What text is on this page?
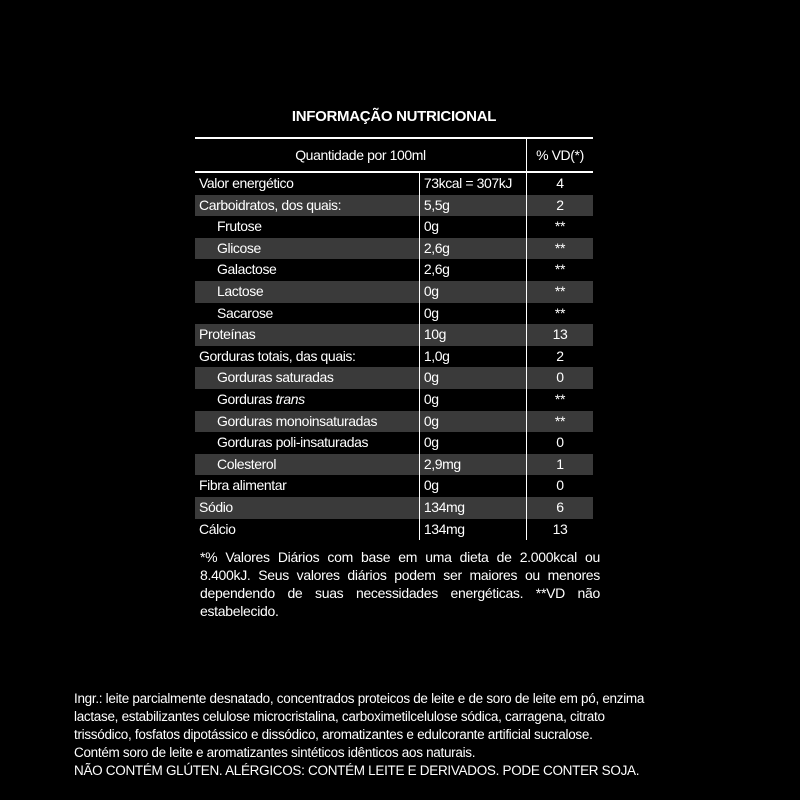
INFORMAÇÃO NUTRICIONAL
Quantidade por 100ml		% VD(*)
Valor energético	73kcal = 307kJ	4
Carboidratos, dos quais:	5,5g	2
Frutose	0g	**
Glicose	2,6g	**
Galactose	2,6g	**
Lactose	0g	**
Sacarose	0g	**
Proteínas	10g	13
Gorduras totais, das quais:	1,0g	2
Gorduras saturadas	0g	0
Gorduras trans	0g	**
Gorduras monoinsaturadas	0g	**
Gorduras poli-insaturadas	0g	0
Colesterol	2,9mg	1
Fibra alimentar	0g	0
Sódio	134mg	6
Cálcio	134mg	13
*% Valores Diários com base em uma dieta de 2.000kcal ou 8.400kJ. Seus valores diários podem ser maiores ou menores dependendo de suas necessidades energéticas. **VD não estabelecido.
Ingr.: leite parcialmente desnatado, concentrados proteicos de leite e de soro de leite em pó, enzima
lactase, estabilizantes celulose microcristalina, carboximetilcelulose sódica, carragena, citrato
trissódico, fosfatos dipotássico e dissódico, aromatizantes e edulcorante artificial sucralose.
Contém soro de leite e aromatizantes sintéticos idênticos aos naturais.
NÃO CONTÉM GLÚTEN. ALÉRGICOS: CONTÉM LEITE E DERIVADOS. PODE CONTER SOJA.
